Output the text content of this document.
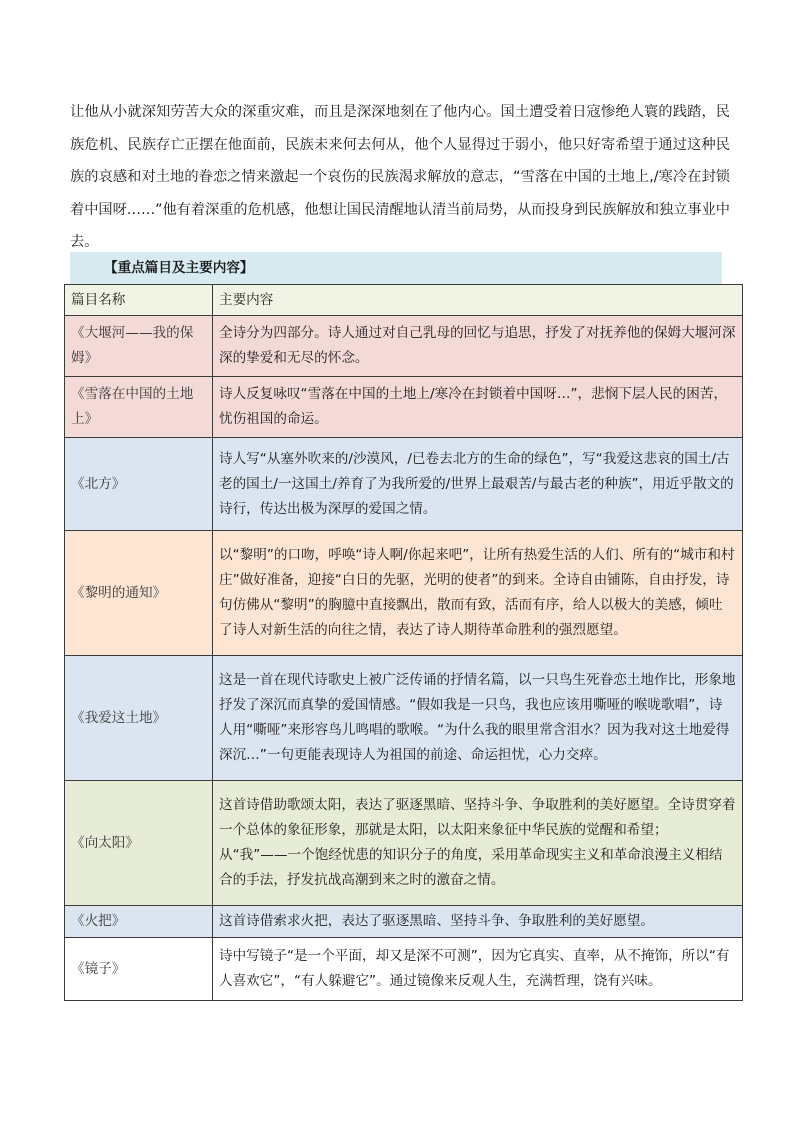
让他从小就深知劳苦大众的深重灾难，而且是深深地刻在了他内心。国土遭受着日寇惨绝人寰的践踏，民族危机、民族存亡正摆在他面前，民族未来何去何从，他个人显得过于弱小，他只好寄希望于通过这种民族的哀感和对土地的眷恋之情来激起一个哀伤的民族渴求解放的意志，“雪落在中国的土地上,/寒冷在封锁着中国呀……”他有着深重的危机感，他想让国民清醒地认清当前局势，从而投身到民族解放和独立事业中去。

【重点篇目及主要内容】
篇目名称	主要内容
《大堰河——我的保姆》	全诗分为四部分。诗人通过对自己乳母的回忆与追思，抒发了对抚养他的保姆大堰河深深的挚爱和无尽的怀念。
《雪落在中国的土地上》	诗人反复咏叹“雪落在中国的土地上/寒冷在封锁着中国呀…”，悲悯下层人民的困苦，忧伤祖国的命运。
《北方》	诗人写“从塞外吹来的/沙漠风，/已卷去北方的生命的绿色”，写“我爱这悲哀的国土/古老的国土/一这国土/养育了为我所爱的/世界上最艰苦/与最古老的种族”，用近乎散文的诗行，传达出极为深厚的爱国之情。
《黎明的通知》	以“黎明”的口吻，呼唤“诗人啊/你起来吧”，让所有热爱生活的人们、所有的“城市和村庄”做好准备，迎接“白日的先驱，光明的使者”的到来。全诗自由铺陈，自由抒发，诗句仿佛从“黎明”的胸臆中直接飘出，散而有致，活而有序，给人以极大的美感，倾吐了诗人对新生活的向往之情，表达了诗人期待革命胜利的强烈愿望。
《我爱这土地》	这是一首在现代诗歌史上被广泛传诵的抒情名篇，以一只鸟生死眷恋土地作比，形象地抒发了深沉而真挚的爱国情感。“假如我是一只鸟，我也应该用嘶哑的喉咙歌唱”，诗人用“嘶哑”来形容鸟儿鸣唱的歌喉。“为什么我的眼里常含泪水？因为我对这土地爱得深沉…”一句更能表现诗人为祖国的前途、命运担忧，心力交瘁。
《向太阳》	这首诗借助歌颂太阳，表达了驱逐黑暗、坚持斗争、争取胜利的美好愿望。全诗贯穿着一个总体的象征形象，那就是太阳，以太阳来象征中华民族的觉醒和希望；从“我”——一个饱经忧患的知识分子的角度，采用革命现实主义和革命浪漫主义相结合的手法，抒发抗战高潮到来之时的激奋之情。
《火把》	这首诗借索求火把，表达了驱逐黑暗、坚持斗争、争取胜利的美好愿望。
《镜子》	诗中写镜子“是一个平面，却又是深不可测”，因为它真实、直率，从不掩饰，所以“有人喜欢它”，“有人躲避它”。通过镜像来反观人生，充满哲理，饶有兴味。
